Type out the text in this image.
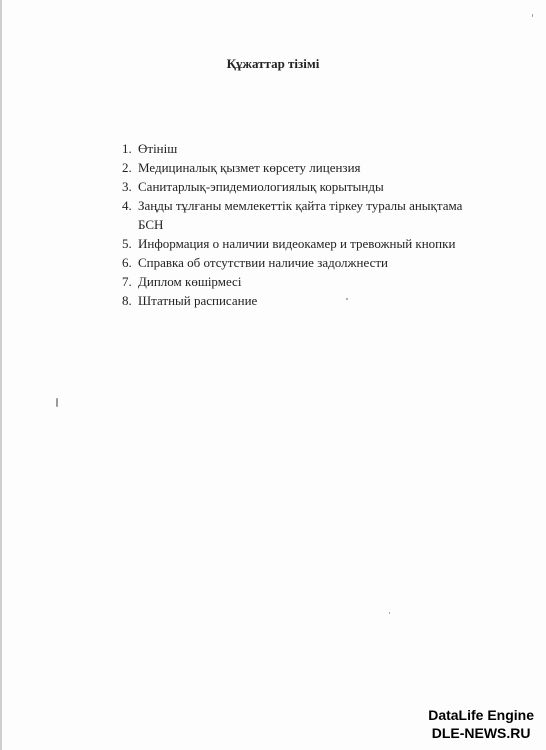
Құжаттар тізімі
1. Өтініш
2. Медициналық қызмет көрсету лицензия
3. Санитарлық-эпидемиологиялық корытынды
4. Заңды тұлғаны мемлекеттік қайта тіркеу туралы анықтама
БСН
5. Информация о наличии видеокамер и тревожный кнопки
6. Справка об отсутствии наличие задолжнести
7. Диплом көшірмесі
8. Штатный расписание
DataLife Engine
DLE-NEWS.RU
